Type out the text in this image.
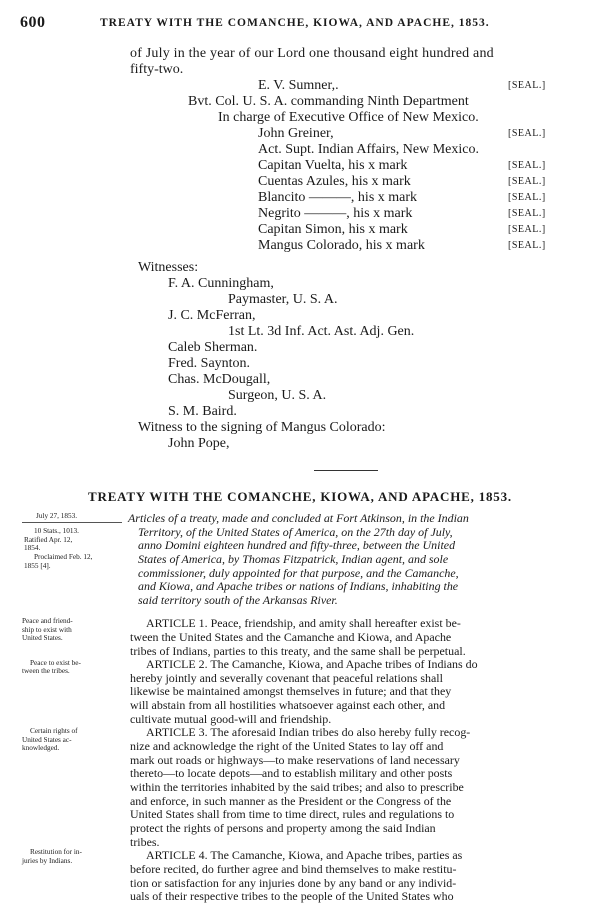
600	TREATY WITH THE COMANCHE, KIOWA, AND APACHE, 1853.
of July in the year of our Lord one thousand eight hundred and
fifty-two.
E. V. Sumner,.
Bvt. Col. U. S. A. commanding Ninth Department
In charge of Executive Office of New Mexico.
John Greiner,
Act. Supt. Indian Affairs, New Mexico.
Capitan Vuelta, his x mark
Cuentas Azules, his x mark
Blancito ———, his x mark
Negrito ———, his x mark
Capitan Simon, his x mark
Mangus Colorado, his x mark
[SEAL.]
[SEAL.]
[SEAL.]
[SEAL.]
[SEAL.]
[SEAL.]
[SEAL.]
[SEAL.]
Witnesses:
F. A. Cunningham,
Paymaster, U. S. A.
J. C. McFerran,
1st Lt. 3d Inf. Act. Ast. Adj. Gen.
Caleb Sherman.
Fred. Saynton.
Chas. McDougall,
Surgeon, U. S. A.
S. M. Baird.
Witness to the signing of Mangus Colorado:
John Pope,
TREATY WITH THE COMANCHE, KIOWA, AND APACHE, 1853.
July 27, 1853.
10 Stats., 1013.
Ratified Apr. 12,
1854.
Proclaimed Feb. 12,
1855 [4].
Articles of a treaty, made and concluded at Fort Atkinson, in the Indian
Territory, of the United States of America, on the 27th day of July,
anno Domini eighteen hundred and fifty-three, between the United
States of America, by Thomas Fitzpatrick, Indian agent, and sole
commissioner, duly appointed for that purpose, and the Camanche,
and Kiowa, and Apache tribes or nations of Indians, inhabiting the
said territory south of the Arkansas River.
Peace and friend-
ship to exist with
United States.
ARTICLE 1. Peace, friendship, and amity shall hereafter exist be-
tween the United States and the Camanche and Kiowa, and Apache
tribes of Indians, parties to this treaty, and the same shall be perpetual.
Peace to exist be-
tween the tribes.
ARTICLE 2. The Camanche, Kiowa, and Apache tribes of Indians do
hereby jointly and severally covenant that peaceful relations shall
likewise be maintained amongst themselves in future; and that they
will abstain from all hostilities whatsoever against each other, and
cultivate mutual good-will and friendship.
Certain rights of
United States ac-
knowledged.
ARTICLE 3. The aforesaid Indian tribes do also hereby fully recog-
nize and acknowledge the right of the United States to lay off and
mark out roads or highways—to make reservations of land necessary
thereto—to locate depots—and to establish military and other posts
within the territories inhabited by the said tribes; and also to prescribe
and enforce, in such manner as the President or the Congress of the
United States shall from time to time direct, rules and regulations to
protect the rights of persons and property among the said Indian
tribes.
Restitution for in-
juries by Indians.	ARTICLE 4. The Camanche, Kiowa, and Apache tribes, parties as
before recited, do further agree and bind themselves to make restitu-
tion or satisfaction for any injuries done by any band or any individ-
uals of their respective tribes to the people of the United States who
